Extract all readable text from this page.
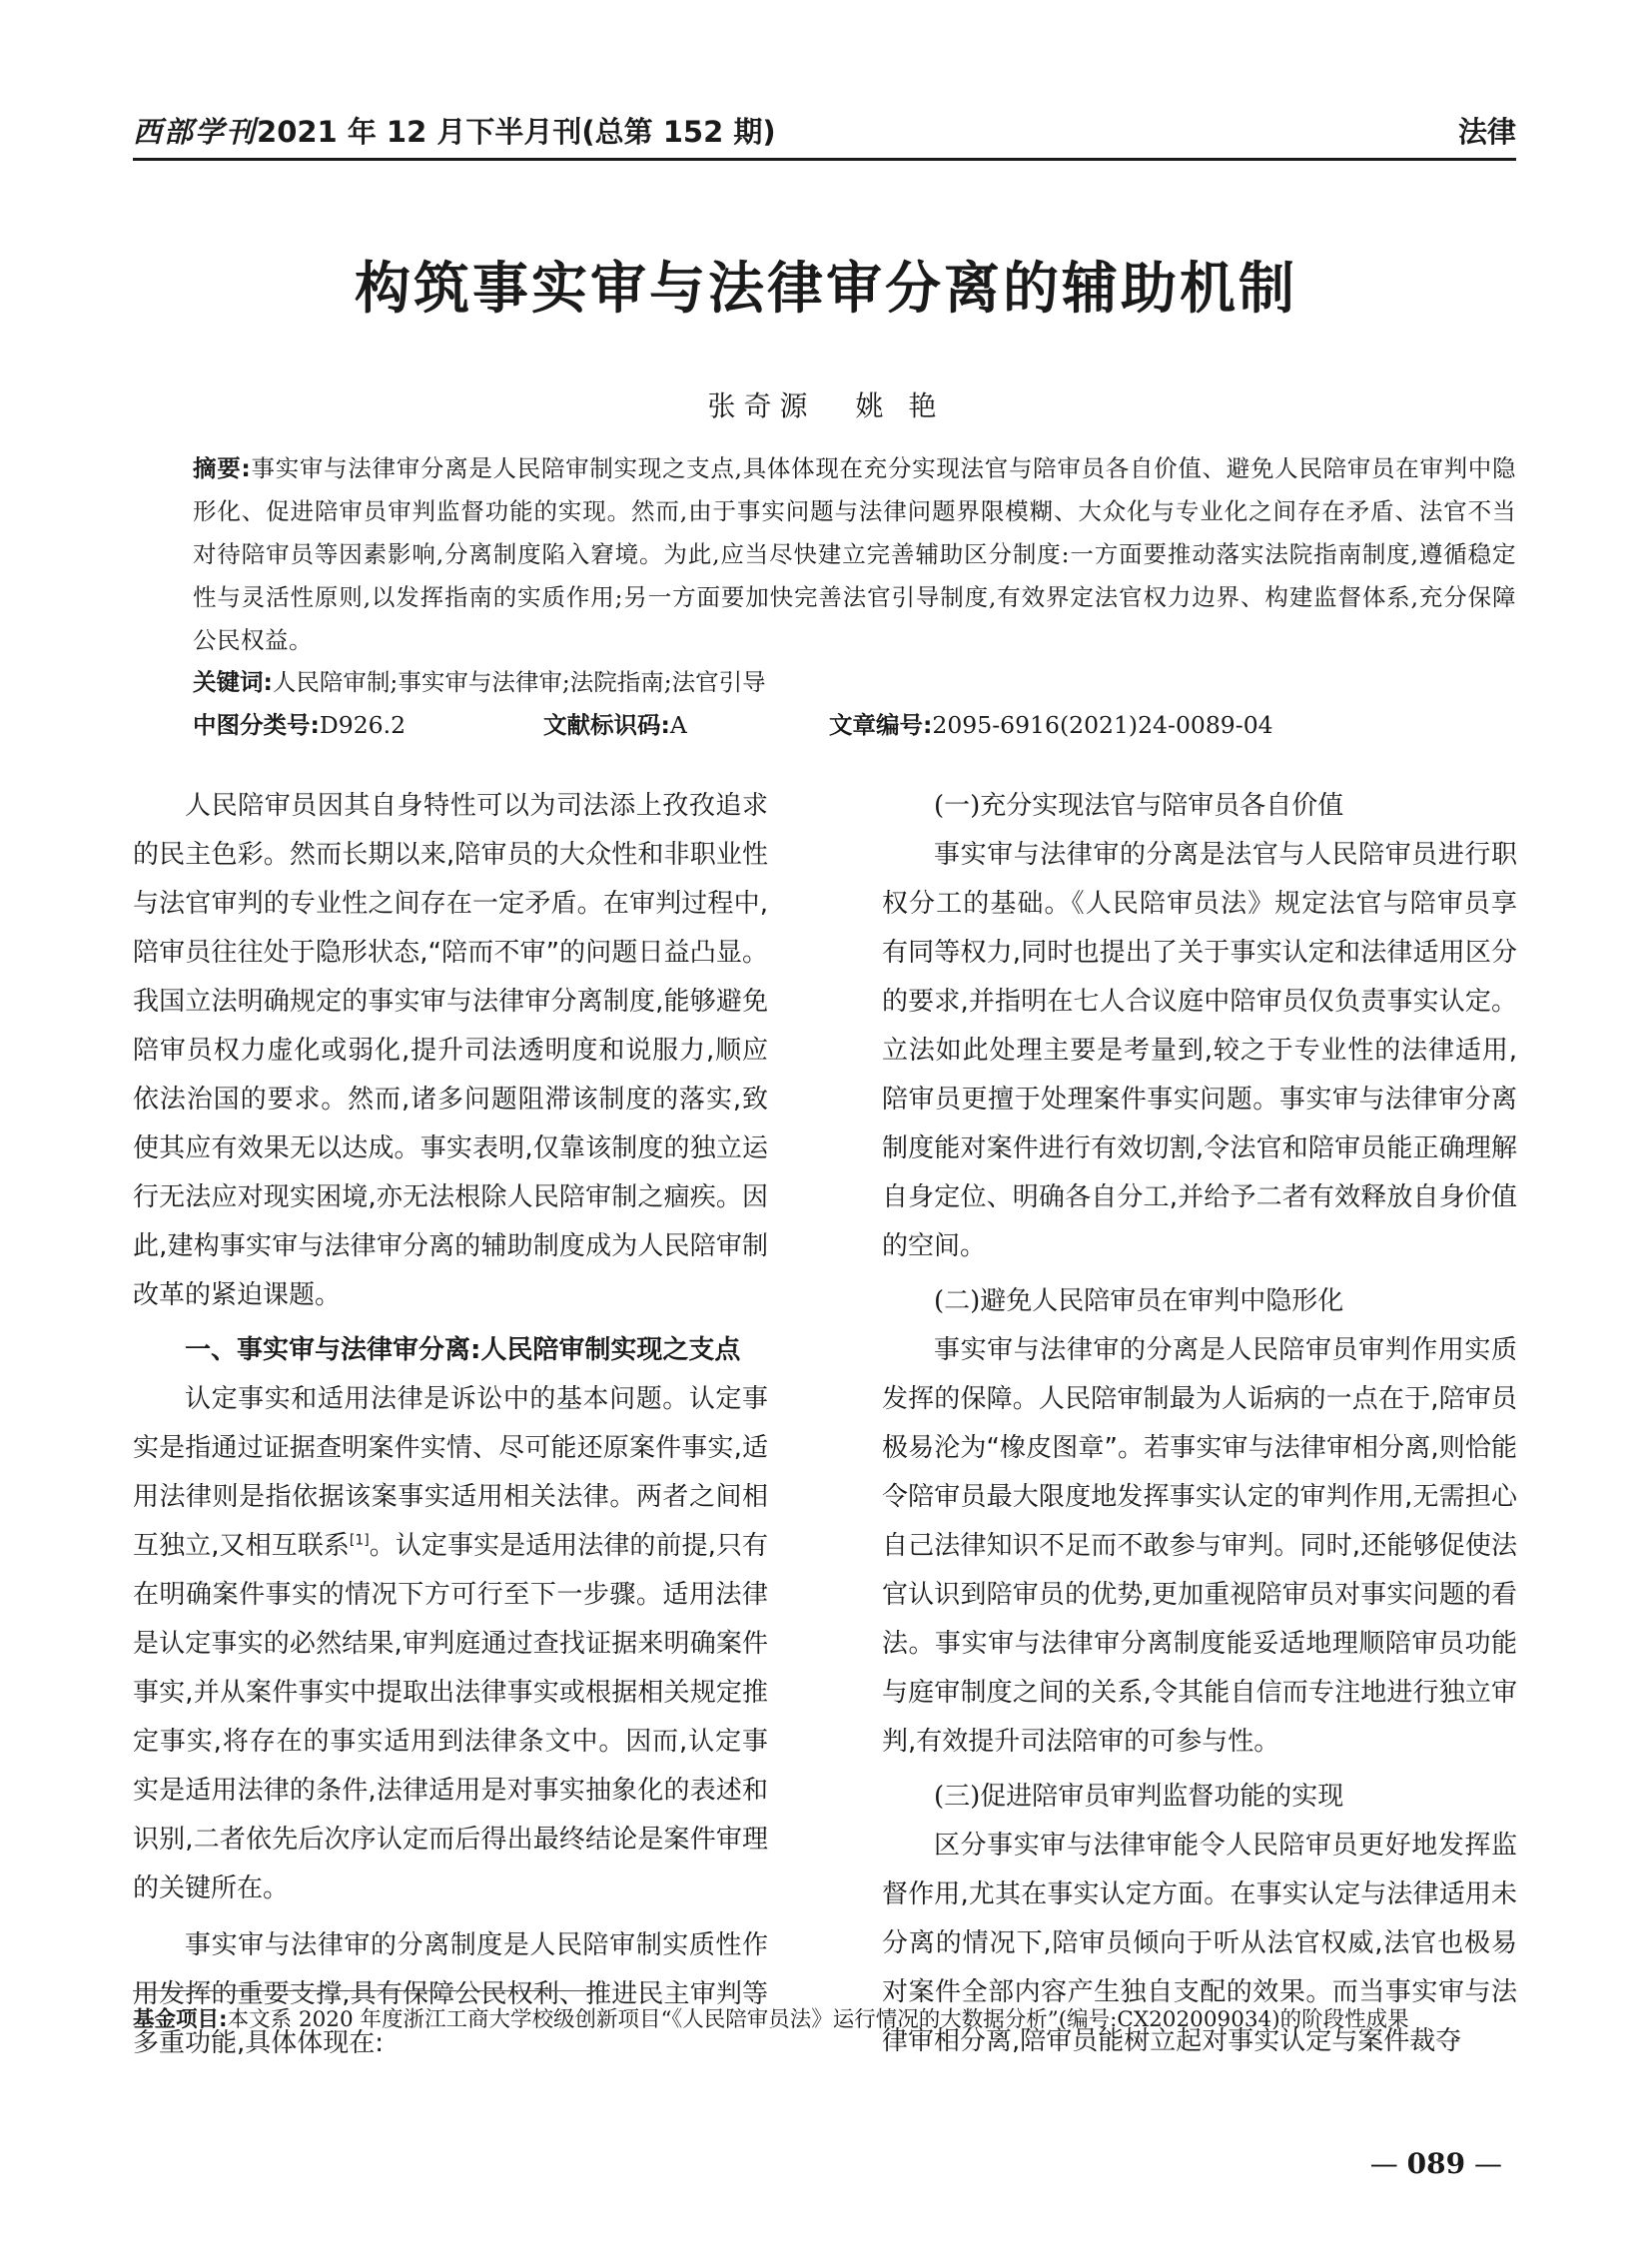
西部学刊2021 年 12 月下半月刊(总第 152 期)	法律
构筑事实审与法律审分离的辅助机制
张奇源 姚 艳
摘要:事实审与法律审分离是人民陪审制实现之支点,具体体现在充分实现法官与陪审员各自价值、避免人民陪审员在审判中隐形化、促进陪审员审判监督功能的实现。然而,由于事实问题与法律问题界限模糊、大众化与专业化之间存在矛盾、法官不当对待陪审员等因素影响,分离制度陷入窘境。为此,应当尽快建立完善辅助区分制度:一方面要推动落实法院指南制度,遵循稳定性与灵活性原则,以发挥指南的实质作用;另一方面要加快完善法官引导制度,有效界定法官权力边界、构建监督体系,充分保障公民权益。
关键词:人民陪审制;事实审与法律审;法院指南;法官引导
中图分类号:D926.2	文献标识码:A	文章编号:2095-6916(2021)24-0089-04

人民陪审员因其自身特性可以为司法添上孜孜追求的民主色彩。然而长期以来,陪审员的大众性和非职业性与法官审判的专业性之间存在一定矛盾。在审判过程中,陪审员往往处于隐形状态,“陪而不审”的问题日益凸显。我国立法明确规定的事实审与法律审分离制度,能够避免陪审员权力虚化或弱化,提升司法透明度和说服力,顺应依法治国的要求。然而,诸多问题阻滞该制度的落实,致使其应有效果无以达成。事实表明,仅靠该制度的独立运行无法应对现实困境,亦无法根除人民陪审制之痼疾。因此,建构事实审与法律审分离的辅助制度成为人民陪审制改革的紧迫课题。

一、事实审与法律审分离:人民陪审制实现之支点

认定事实和适用法律是诉讼中的基本问题。认定事实是指通过证据查明案件实情、尽可能还原案件事实,适用法律则是指依据该案事实适用相关法律。两者之间相互独立,又相互联系[1]。认定事实是适用法律的前提,只有在明确案件事实的情况下方可行至下一步骤。适用法律是认定事实的必然结果,审判庭通过查找证据来明确案件事实,并从案件事实中提取出法律事实或根据相关规定推定事实,将存在的事实适用到法律条文中。因而,认定事实是适用法律的条件,法律适用是对事实抽象化的表述和识别,二者依先后次序认定而后得出最终结论是案件审理的关键所在。

事实审与法律审的分离制度是人民陪审制实质性作用发挥的重要支撑,具有保障公民权利、推进民主审判等多重功能,具体体现在:

(一)充分实现法官与陪审员各自价值

事实审与法律审的分离是法官与人民陪审员进行职权分工的基础。《人民陪审员法》规定法官与陪审员享有同等权力,同时也提出了关于事实认定和法律适用区分的要求,并指明在七人合议庭中陪审员仅负责事实认定。立法如此处理主要是考量到,较之于专业性的法律适用,陪审员更擅于处理案件事实问题。事实审与法律审分离制度能对案件进行有效切割,令法官和陪审员能正确理解自身定位、明确各自分工,并给予二者有效释放自身价值的空间。

(二)避免人民陪审员在审判中隐形化

事实审与法律审的分离是人民陪审员审判作用实质发挥的保障。人民陪审制最为人诟病的一点在于,陪审员极易沦为“橡皮图章”。若事实审与法律审相分离,则恰能令陪审员最大限度地发挥事实认定的审判作用,无需担心自己法律知识不足而不敢参与审判。同时,还能够促使法官认识到陪审员的优势,更加重视陪审员对事实问题的看法。事实审与法律审分离制度能妥适地理顺陪审员功能与庭审制度之间的关系,令其能自信而专注地进行独立审判,有效提升司法陪审的可参与性。

(三)促进陪审员审判监督功能的实现

区分事实审与法律审能令人民陪审员更好地发挥监督作用,尤其在事实认定方面。在事实认定与法律适用未分离的情况下,陪审员倾向于听从法官权威,法官也极易对案件全部内容产生独自支配的效果。而当事实审与法律审相分离,陪审员能树立起对事实认定与案件裁夺

基金项目:本文系 2020 年度浙江工商大学校级创新项目“《人民陪审员法》运行情况的大数据分析”(编号:CX202009034)的阶段性成果
— 089 —
